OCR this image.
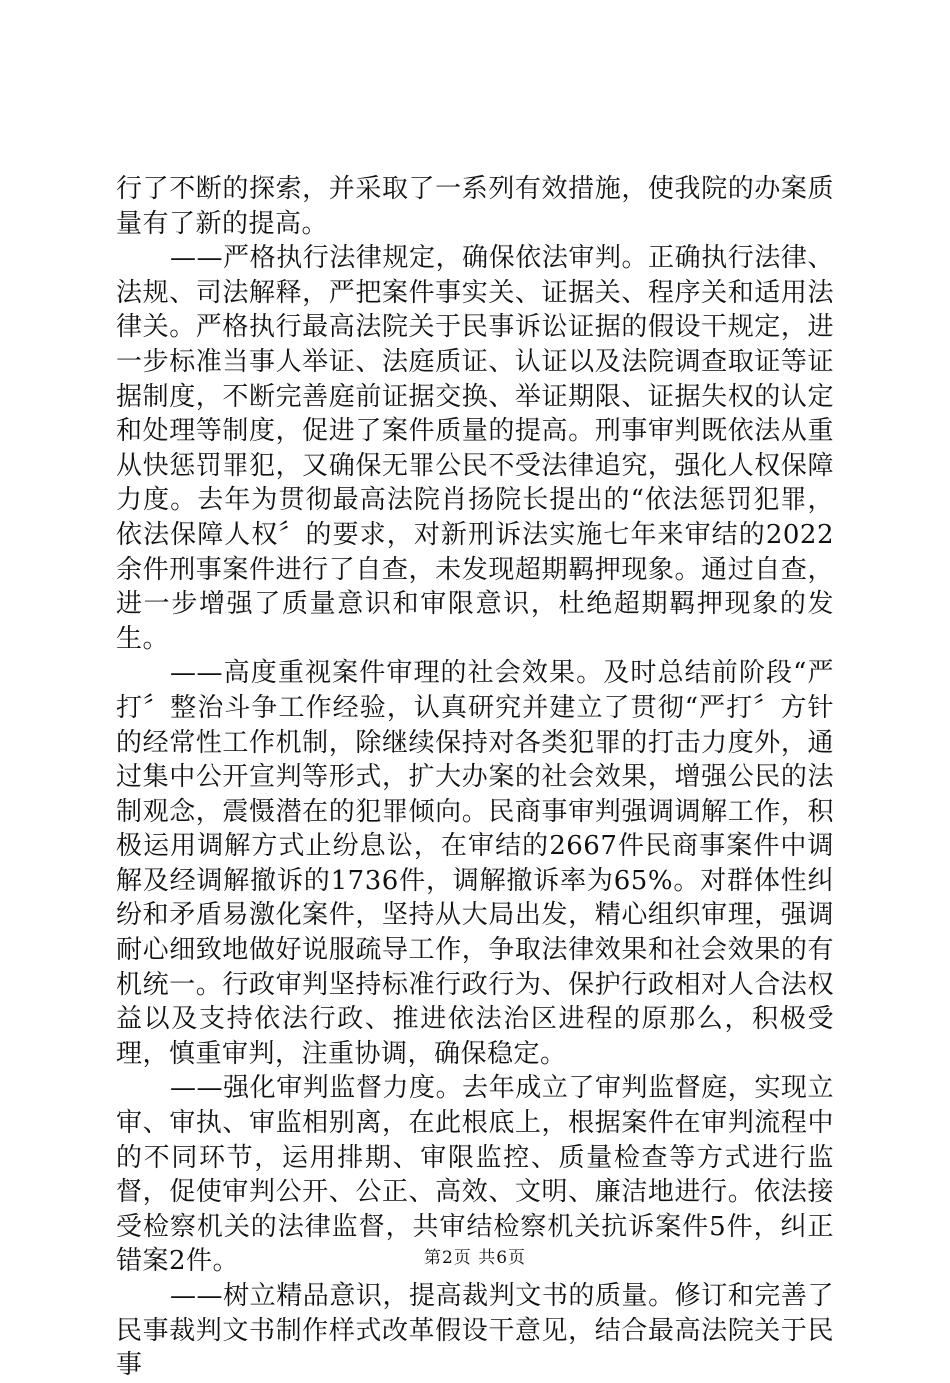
行了不断的探索，并采取了一系列有效措施，使我院的办案质量有了新的提高。

——严格执行法律规定，确保依法审判。正确执行法律、法规、司法解释，严把案件事实关、证据关、程序关和适用法律关。严格执行最高法院关于民事诉讼证据的假设干规定，进一步标准当事人举证、法庭质证、认证以及法院调查取证等证据制度，不断完善庭前证据交换、举证期限、证据失权的认定和处理等制度，促进了案件质量的提高。刑事审判既依法从重从快惩罚罪犯，又确保无罪公民不受法律追究，强化人权保障力度。去年为贯彻最高法院肖扬院长提出的“依法惩罚犯罪，依法保障人权〞的要求，对新刑诉法实施七年来审结的2022余件刑事案件进行了自查，未发现超期羁押现象。通过自查，进一步增强了质量意识和审限意识，杜绝超期羁押现象的发生。

——高度重视案件审理的社会效果。及时总结前阶段“严打〞整治斗争工作经验，认真研究并建立了贯彻“严打〞方针的经常性工作机制，除继续保持对各类犯罪的打击力度外，通过集中公开宣判等形式，扩大办案的社会效果，增强公民的法制观念，震慑潜在的犯罪倾向。民商事审判强调调解工作，积极运用调解方式止纷息讼，在审结的2667件民商事案件中调解及经调解撤诉的1736件，调解撤诉率为65%。对群体性纠纷和矛盾易激化案件，坚持从大局出发，精心组织审理，强调耐心细致地做好说服疏导工作，争取法律效果和社会效果的有机统一。行政审判坚持标准行政行为、保护行政相对人合法权益以及支持依法行政、推进依法治区进程的原那么，积极受理，慎重审判，注重协调，确保稳定。

——强化审判监督力度。去年成立了审判监督庭，实现立审、审执、审监相别离，在此根底上，根据案件在审判流程中的不同环节，运用排期、审限监控、质量检查等方式进行监督，促使审判公开、公正、高效、文明、廉洁地进行。依法接受检察机关的法律监督，共审结检察机关抗诉案件5件，纠正错案2件。

——树立精品意识，提高裁判文书的质量。修订和完善了民事裁判文书制作样式改革假设干意见，结合最高法院关于民事

第2页 共6页
